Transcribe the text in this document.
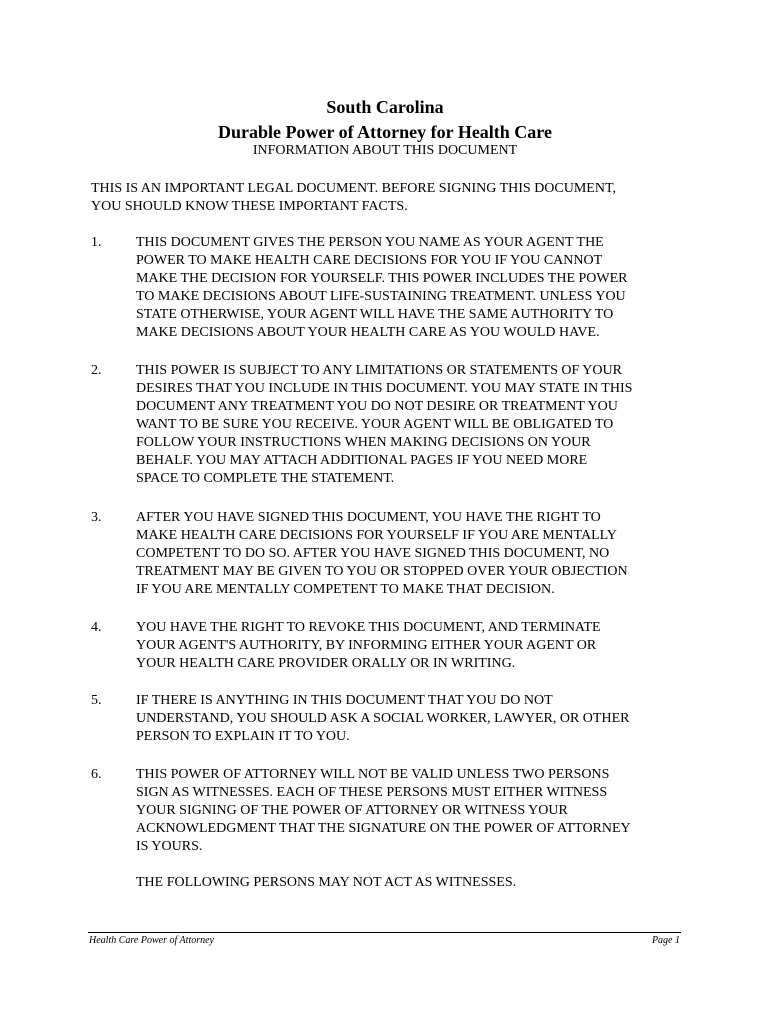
South Carolina
Durable Power of Attorney for Health Care
INFORMATION ABOUT THIS DOCUMENT
THIS IS AN IMPORTANT LEGAL DOCUMENT. BEFORE SIGNING THIS DOCUMENT,
YOU SHOULD KNOW THESE IMPORTANT FACTS.
1. THIS DOCUMENT GIVES THE PERSON YOU NAME AS YOUR AGENT THE
POWER TO MAKE HEALTH CARE DECISIONS FOR YOU IF YOU CANNOT
MAKE THE DECISION FOR YOURSELF. THIS POWER INCLUDES THE POWER
TO MAKE DECISIONS ABOUT LIFE-SUSTAINING TREATMENT. UNLESS YOU
STATE OTHERWISE, YOUR AGENT WILL HAVE THE SAME AUTHORITY TO
MAKE DECISIONS ABOUT YOUR HEALTH CARE AS YOU WOULD HAVE.
2. THIS POWER IS SUBJECT TO ANY LIMITATIONS OR STATEMENTS OF YOUR
DESIRES THAT YOU INCLUDE IN THIS DOCUMENT. YOU MAY STATE IN THIS
DOCUMENT ANY TREATMENT YOU DO NOT DESIRE OR TREATMENT YOU
WANT TO BE SURE YOU RECEIVE. YOUR AGENT WILL BE OBLIGATED TO
FOLLOW YOUR INSTRUCTIONS WHEN MAKING DECISIONS ON YOUR
BEHALF. YOU MAY ATTACH ADDITIONAL PAGES IF YOU NEED MORE
SPACE TO COMPLETE THE STATEMENT.
3. AFTER YOU HAVE SIGNED THIS DOCUMENT, YOU HAVE THE RIGHT TO
MAKE HEALTH CARE DECISIONS FOR YOURSELF IF YOU ARE MENTALLY
COMPETENT TO DO SO. AFTER YOU HAVE SIGNED THIS DOCUMENT, NO
TREATMENT MAY BE GIVEN TO YOU OR STOPPED OVER YOUR OBJECTION
IF YOU ARE MENTALLY COMPETENT TO MAKE THAT DECISION.
4. YOU HAVE THE RIGHT TO REVOKE THIS DOCUMENT, AND TERMINATE
YOUR AGENT'S AUTHORITY, BY INFORMING EITHER YOUR AGENT OR
YOUR HEALTH CARE PROVIDER ORALLY OR IN WRITING.
5. IF THERE IS ANYTHING IN THIS DOCUMENT THAT YOU DO NOT
UNDERSTAND, YOU SHOULD ASK A SOCIAL WORKER, LAWYER, OR OTHER
PERSON TO EXPLAIN IT TO YOU.
6. THIS POWER OF ATTORNEY WILL NOT BE VALID UNLESS TWO PERSONS
SIGN AS WITNESSES. EACH OF THESE PERSONS MUST EITHER WITNESS
YOUR SIGNING OF THE POWER OF ATTORNEY OR WITNESS YOUR
ACKNOWLEDGMENT THAT THE SIGNATURE ON THE POWER OF ATTORNEY
IS YOURS.
THE FOLLOWING PERSONS MAY NOT ACT AS WITNESSES.
Health Care Power of Attorney	Page 1
